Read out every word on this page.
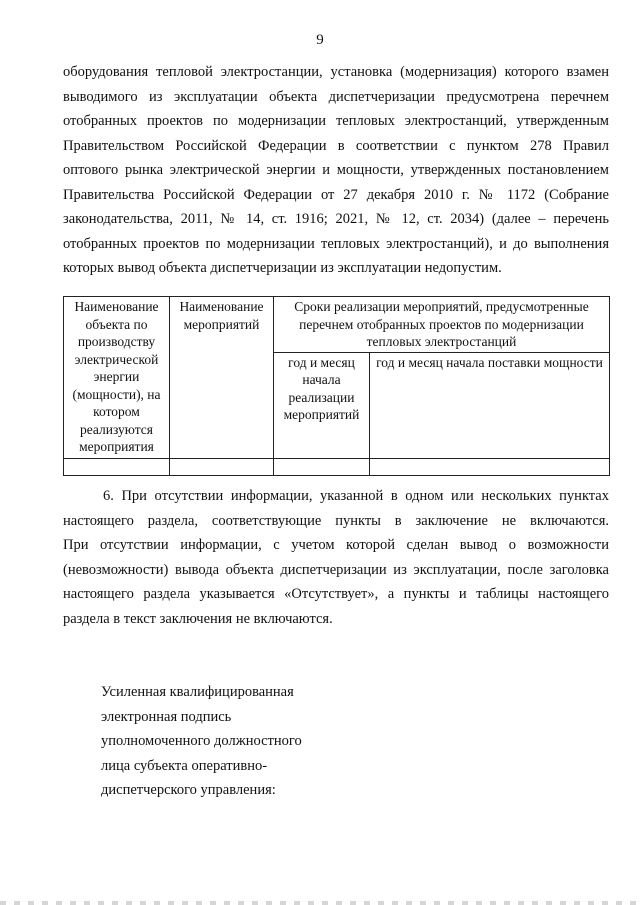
9
оборудования тепловой электростанции, установка (модернизация) которого взамен
выводимого из эксплуатации объекта диспетчеризации предусмотрена перечнем
отобранных проектов по модернизации тепловых электростанций, утвержденным
Правительством Российской Федерации в соответствии с пунктом 278 Правил
оптового рынка электрической энергии и мощности, утвержденных постановлением
Правительства Российской Федерации от 27 декабря 2010 г. № 1172 (Собрание
законодательства, 2011, № 14, ст. 1916; 2021, № 12, ст. 2034) (далее – перечень
отобранных проектов по модернизации тепловых электростанций), и до выполнения
которых вывод объекта диспетчеризации из эксплуатации недопустим.
Наименование объекта по производству электрической энергии (мощности), на котором реализуются мероприятия	Наименование мероприятий	Сроки реализации мероприятий, предусмотренные перечнем отобранных проектов по модернизации тепловых электростанций	
		год и месяц начала реализации мероприятий	год и месяц начала поставки мощности

6. При отсутствии информации, указанной в одном или нескольких пунктах
настоящего раздела, соответствующие пункты в заключение не включаются.
При отсутствии информации, с учетом которой сделан вывод о возможности
(невозможности) вывода объекта диспетчеризации из эксплуатации, после заголовка
настоящего раздела указывается «Отсутствует», а пункты и таблицы настоящего
раздела в текст заключения не включаются.
Усиленная квалифицированная
электронная подпись
уполномоченного должностного
лица субъекта оперативно-
диспетчерского управления:
